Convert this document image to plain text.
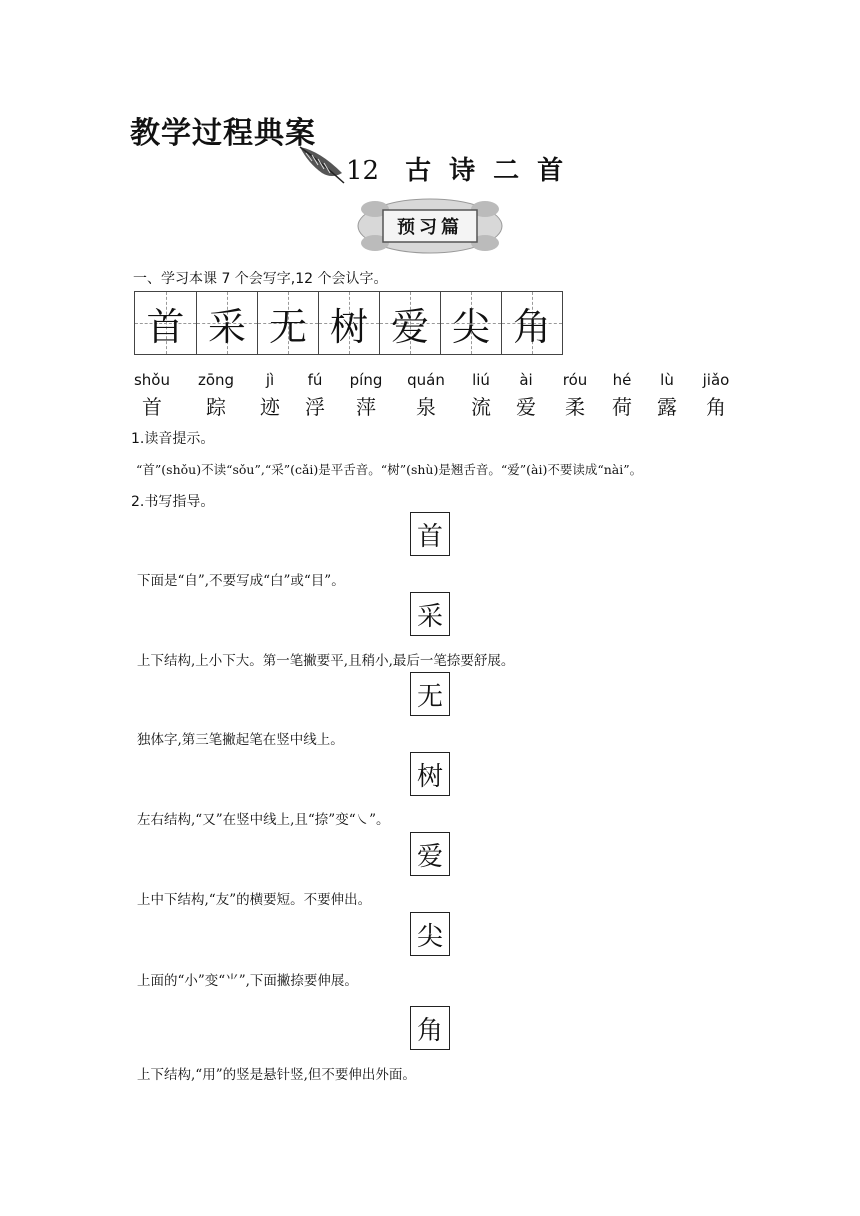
教学过程典案
12 古诗二首
预习篇
一、学习本课 7 个会写字,12 个会认字。
首 采 无 树 爱 尖 角
shǒu
首
zōng
踪
jì
迹
fú
浮
píng
萍
quán
泉
liú
流
ài
爱
róu
柔
hé
荷
lù
露
jiǎo
角
1.读音提示。
“首”(shǒu)不读“sǒu”,“采”(cǎi)是平舌音。“树”(shù)是翘舌音。“爱”(ài)不要读成“nài”。
2.书写指导。
首
下面是“自”,不要写成“白”或“目”。
采
上下结构,上小下大。第一笔撇要平,且稍小,最后一笔捺要舒展。
无
独体字,第三笔撇起笔在竖中线上。
树
左右结构,“又”在竖中线上,且“捺”变“㇏”。
爱
上中下结构,“友”的横要短。不要伸出。
尖
上面的“小”变“⺌”,下面撇捺要伸展。
角
上下结构,“用”的竖是悬针竖,但不要伸出外面。
